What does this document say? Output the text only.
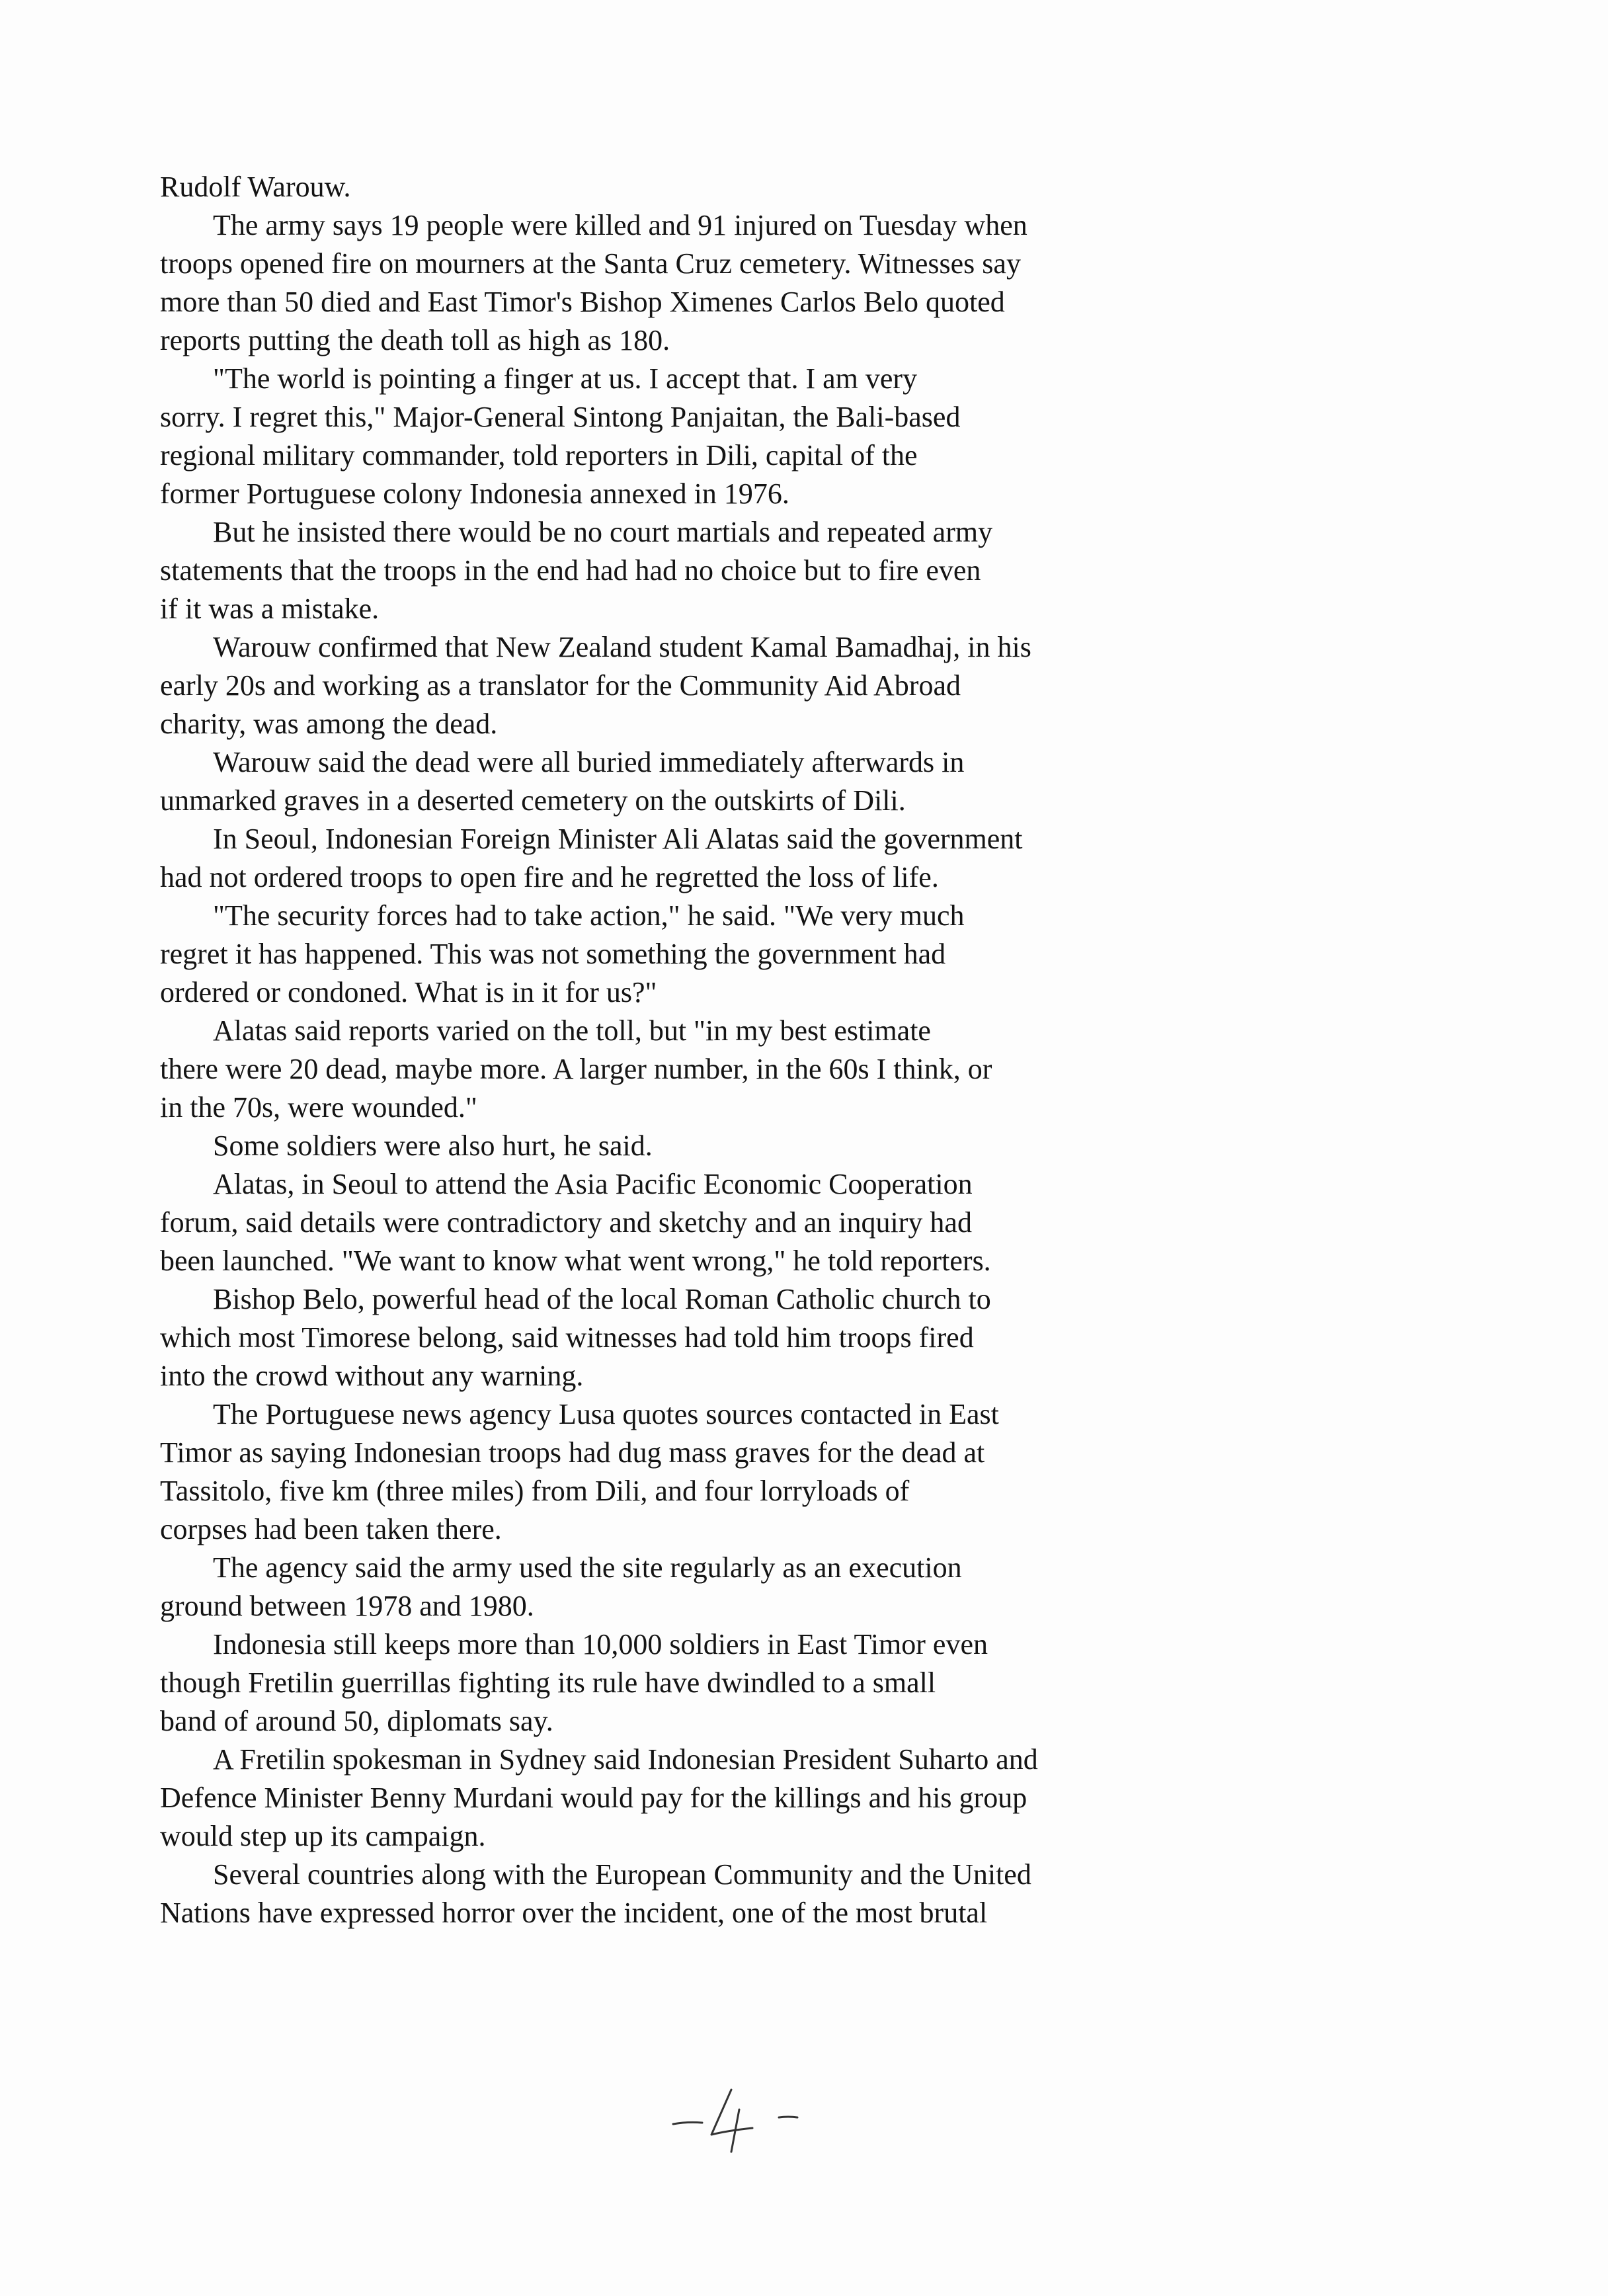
Rudolf Warouw.
The army says 19 people were killed and 91 injured on Tuesday when
troops opened fire on mourners at the Santa Cruz cemetery. Witnesses say
more than 50 died and East Timor's Bishop Ximenes Carlos Belo quoted
reports putting the death toll as high as 180.
"The world is pointing a finger at us. I accept that. I am very
sorry. I regret this," Major-General Sintong Panjaitan, the Bali-based
regional military commander, told reporters in Dili, capital of the
former Portuguese colony Indonesia annexed in 1976.
But he insisted there would be no court martials and repeated army
statements that the troops in the end had had no choice but to fire even
if it was a mistake.
Warouw confirmed that New Zealand student Kamal Bamadhaj, in his
early 20s and working as a translator for the Community Aid Abroad
charity, was among the dead.
Warouw said the dead were all buried immediately afterwards in
unmarked graves in a deserted cemetery on the outskirts of Dili.
In Seoul, Indonesian Foreign Minister Ali Alatas said the government
had not ordered troops to open fire and he regretted the loss of life.
"The security forces had to take action," he said. "We very much
regret it has happened. This was not something the government had
ordered or condoned. What is in it for us?"
Alatas said reports varied on the toll, but "in my best estimate
there were 20 dead, maybe more. A larger number, in the 60s I think, or
in the 70s, were wounded."
Some soldiers were also hurt, he said.
Alatas, in Seoul to attend the Asia Pacific Economic Cooperation
forum, said details were contradictory and sketchy and an inquiry had
been launched. "We want to know what went wrong," he told reporters.
Bishop Belo, powerful head of the local Roman Catholic church to
which most Timorese belong, said witnesses had told him troops fired
into the crowd without any warning.
The Portuguese news agency Lusa quotes sources contacted in East
Timor as saying Indonesian troops had dug mass graves for the dead at
Tassitolo, five km (three miles) from Dili, and four lorryloads of
corpses had been taken there.
The agency said the army used the site regularly as an execution
ground between 1978 and 1980.
Indonesia still keeps more than 10,000 soldiers in East Timor even
though Fretilin guerrillas fighting its rule have dwindled to a small
band of around 50, diplomats say.
A Fretilin spokesman in Sydney said Indonesian President Suharto and
Defence Minister Benny Murdani would pay for the killings and his group
would step up its campaign.
Several countries along with the European Community and the United
Nations have expressed horror over the incident, one of the most brutal
